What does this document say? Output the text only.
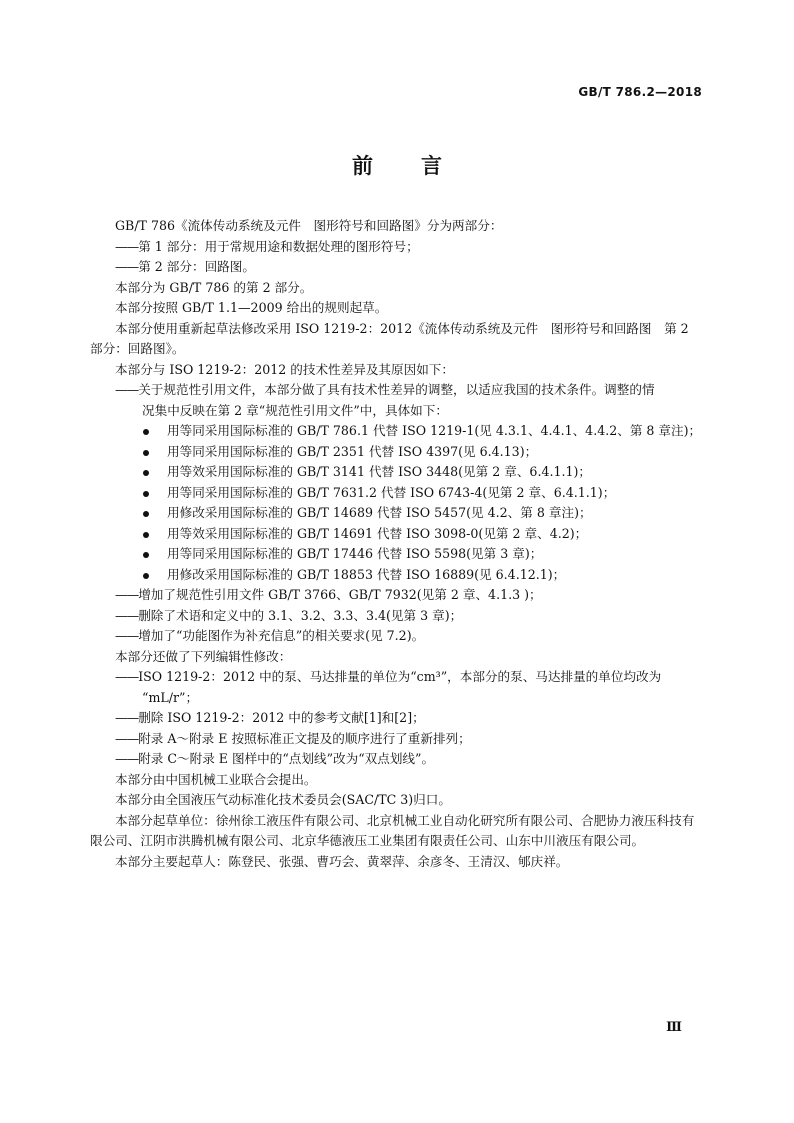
GB/T 786.2—2018
前 言

GB/T 786《流体传动系统及元件　图形符号和回路图》分为两部分：

——第 1 部分：用于常规用途和数据处理的图形符号；

——第 2 部分：回路图。

本部分为 GB/T 786 的第 2 部分。

本部分按照 GB/T 1.1—2009 给出的规则起草。

本部分使用重新起草法修改采用 ISO 1219-2：2012《流体传动系统及元件　图形符号和回路图　第 2 部分：回路图》。

本部分与 ISO 1219-2：2012 的技术性差异及其原因如下：

——关于规范性引用文件，本部分做了具有技术性差异的调整，以适应我国的技术条件。调整的情

况集中反映在第 2 章“规范性引用文件”中，具体如下：

用等同采用国际标准的 GB/T 786.1 代替 ISO 1219-1(见 4.3.1、4.4.1、4.4.2、第 8 章注)；

用等同采用国际标准的 GB/T 2351 代替 ISO 4397(见 6.4.13)；

用等效采用国际标准的 GB/T 3141 代替 ISO 3448(见第 2 章、6.4.1.1)；

用等同采用国际标准的 GB/T 7631.2 代替 ISO 6743-4(见第 2 章、6.4.1.1)；

用修改采用国际标准的 GB/T 14689 代替 ISO 5457(见 4.2、第 8 章注)；

用等效采用国际标准的 GB/T 14691 代替 ISO 3098-0(见第 2 章、4.2)；

用等同采用国际标准的 GB/T 17446 代替 ISO 5598(见第 3 章)；

用修改采用国际标准的 GB/T 18853 代替 ISO 16889(见 6.4.12.1)；

——增加了规范性引用文件 GB/T 3766、GB/T 7932(见第 2 章、4.1.3 )；

——删除了术语和定义中的 3.1、3.2、3.3、3.4(见第 3 章)；

——增加了“功能图作为补充信息”的相关要求(见 7.2)。

本部分还做了下列编辑性修改：

——ISO 1219-2：2012 中的泵、马达排量的单位为“cm³”，本部分的泵、马达排量的单位均改为

“mL/r”；

——删除 ISO 1219-2：2012 中的参考文献[1]和[2]；

——附录 A～附录 E 按照标准正文提及的顺序进行了重新排列；

——附录 C～附录 E 图样中的“点划线”改为“双点划线”。

本部分由中国机械工业联合会提出。

本部分由全国液压气动标准化技术委员会(SAC/TC 3)归口。

本部分起草单位：徐州徐工液压件有限公司、北京机械工业自动化研究所有限公司、合肥协力液压科技有限公司、江阴市洪腾机械有限公司、北京华德液压工业集团有限责任公司、山东中川液压有限公司。

本部分主要起草人：陈登民、张强、曹巧会、黄翠萍、余彦冬、王清汉、郇庆祥。

Ⅲ
